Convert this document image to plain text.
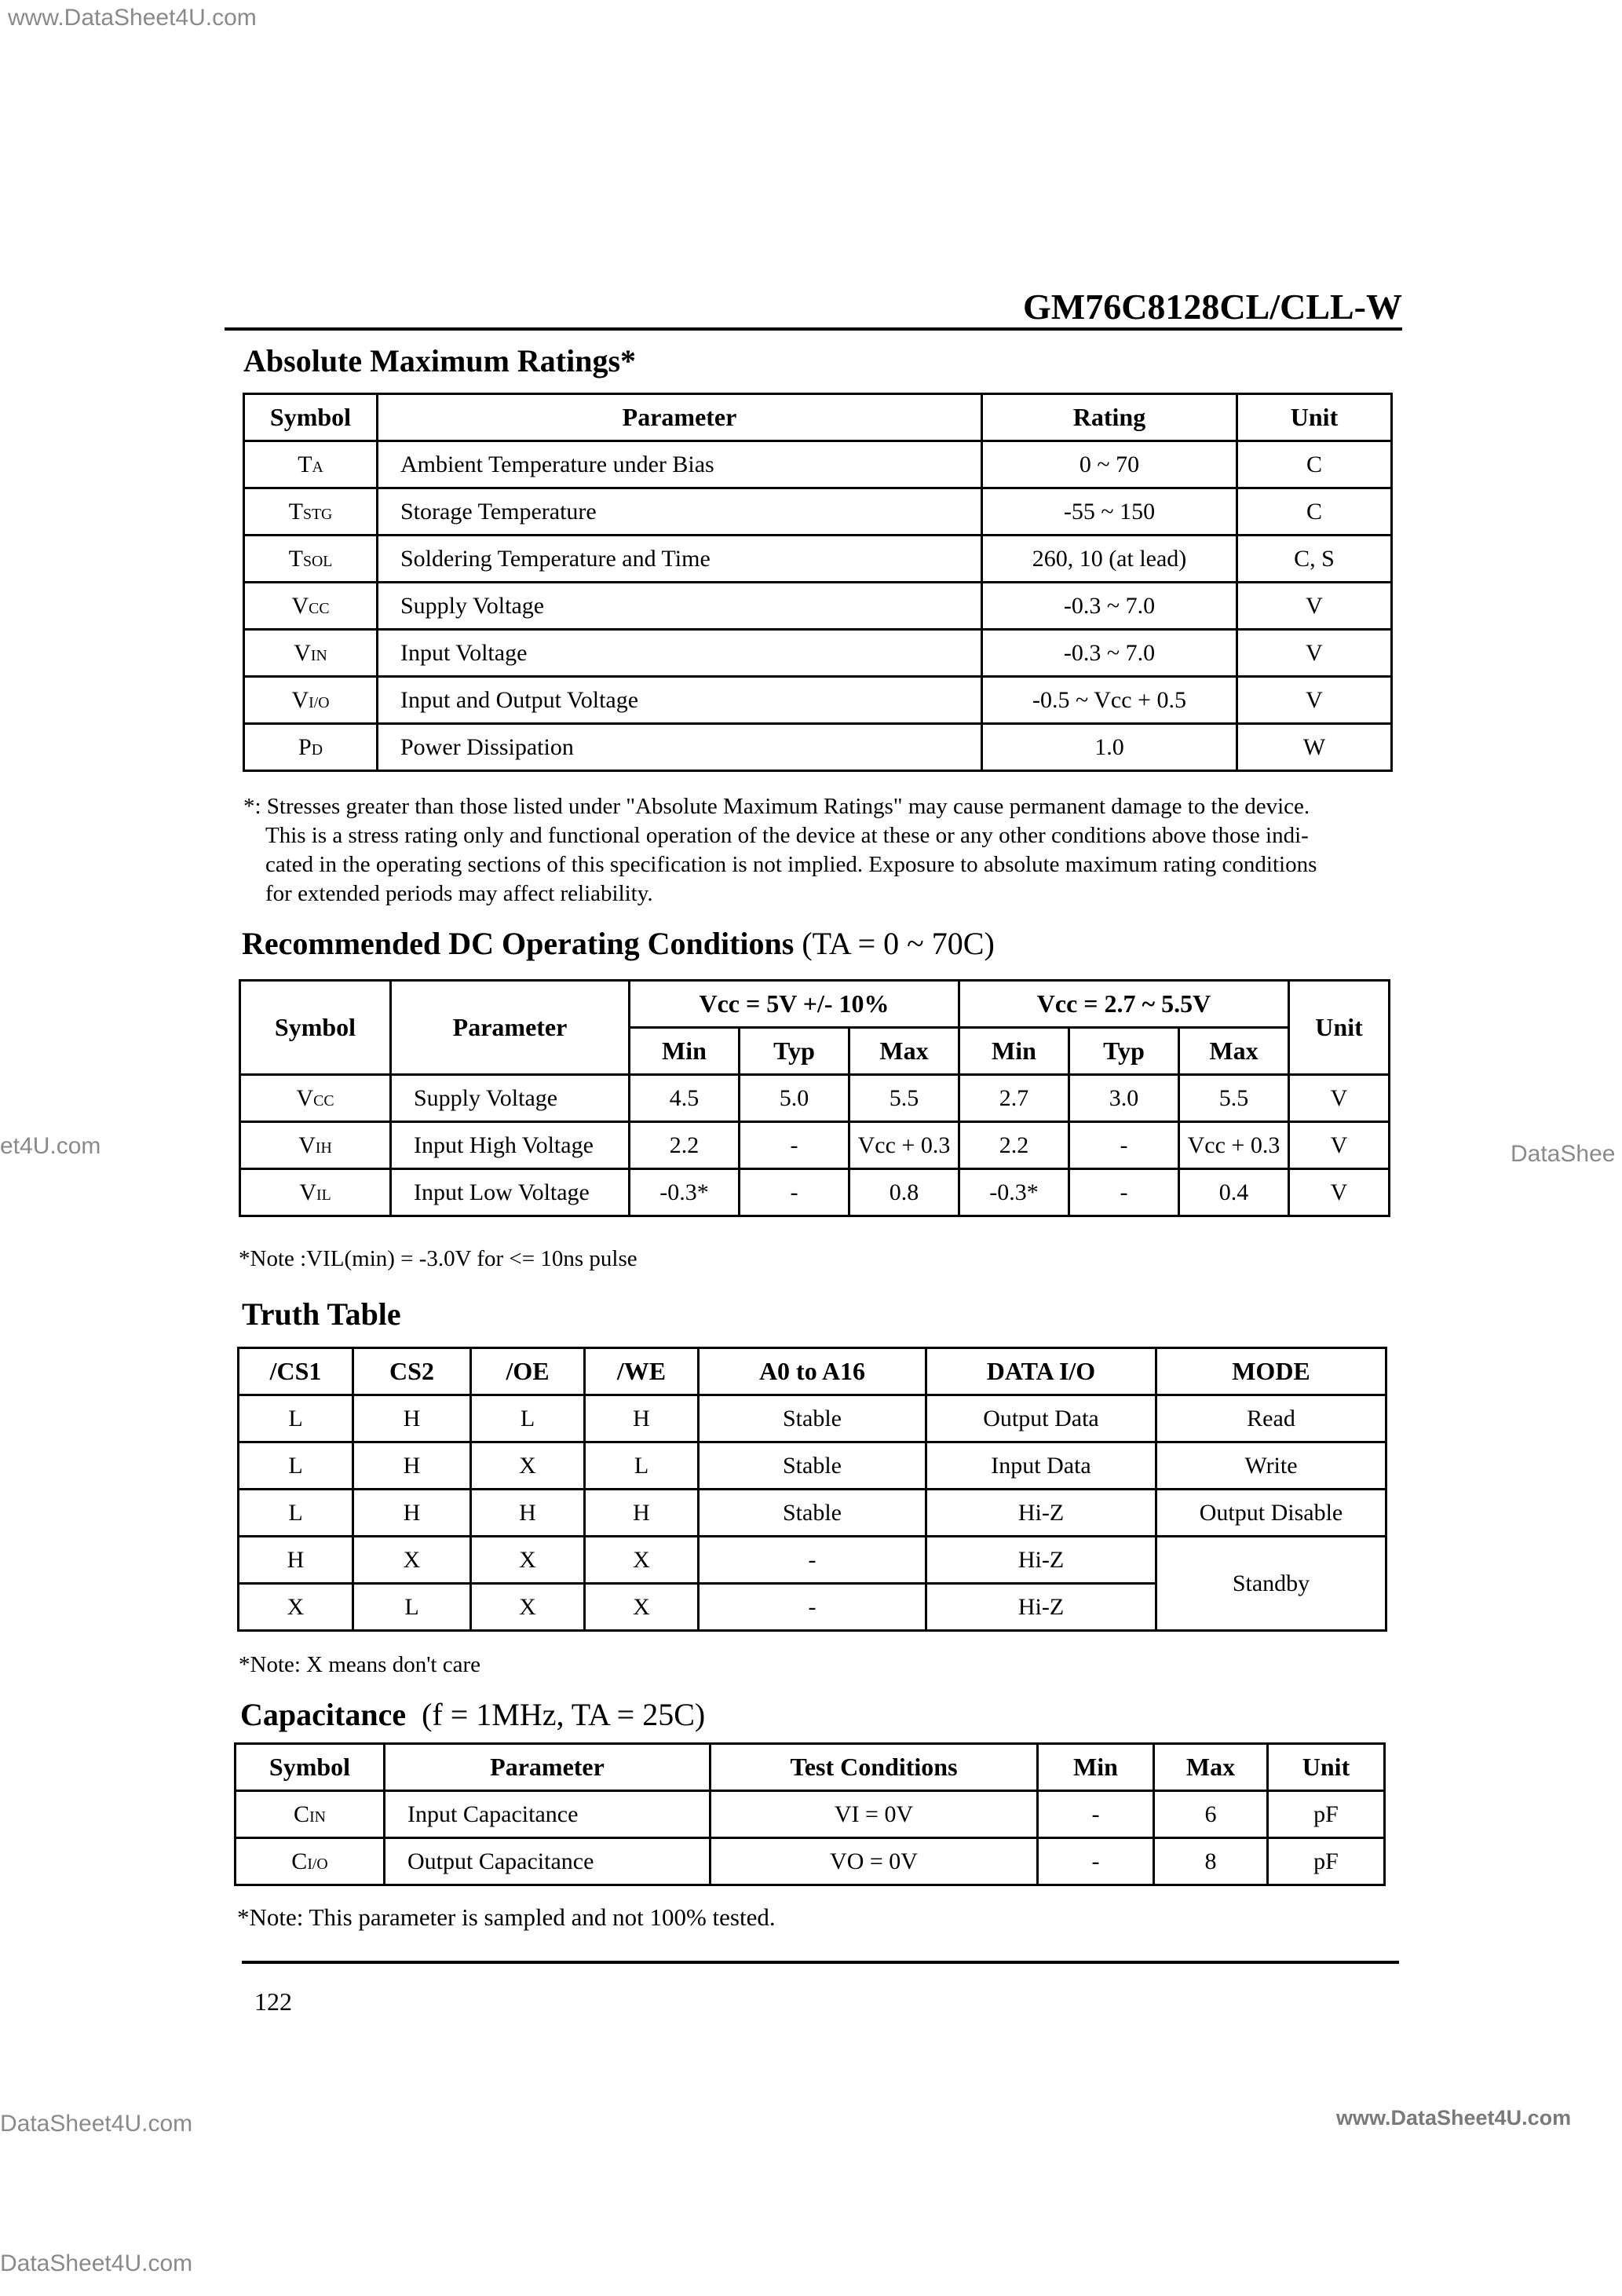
www.DataSheet4U.com
et4U.com	DataShee
DataSheet4U.com	www.DataSheet4U.com
DataSheet4U.com
GM76C8128CL/CLL-W
Absolute Maximum Ratings*
Symbol	Parameter	Rating	Unit
TA	Ambient Temperature under Bias	0 ~ 70	C
TSTG	Storage Temperature	-55 ~ 150	C
TSOL	Soldering Temperature and Time	260, 10 (at lead)	C, S
VCC	Supply Voltage	-0.3 ~ 7.0	V
VIN	Input Voltage	-0.3 ~ 7.0	V
VI/O	Input and Output Voltage	-0.5 ~ Vcc + 0.5	V
PD	Power Dissipation	1.0	W
*: Stresses greater than those listed under "Absolute Maximum Ratings" may cause permanent damage to the device.
This is a stress rating only and functional operation of the device at these or any other conditions above those indi-
cated in the operating sections of this specification is not implied. Exposure to absolute maximum rating conditions
for extended periods may affect reliability.
Recommended DC Operating Conditions (TA = 0 ~ 70C)
Symbol	Parameter	Vcc = 5V +/- 10%			Vcc = 2.7 ~ 5.5V			Unit
		Min	Typ	Max	Min	Typ	Max	
VCC	Supply Voltage	4.5	5.0	5.5	2.7	3.0	5.5	V
VIH	Input High Voltage	2.2	-	Vcc + 0.3	2.2	-	Vcc + 0.3	V
VIL	Input Low Voltage	-0.3*	-	0.8	-0.3*	-	0.4	V
*Note :VIL(min) = -3.0V for <= 10ns pulse
Truth Table
/CS1	CS2	/OE	/WE	A0 to A16	DATA I/O	MODE
L	H	L	H	Stable	Output Data	Read
L	H	X	L	Stable	Input Data	Write
L	H	H	H	Stable	Hi-Z	Output Disable
H	X	X	X	-	Hi-Z	Standby
X	L	X	X	-	Hi-Z	
*Note: X means don't care
Capacitance (f = 1MHz, TA = 25C)
Symbol	Parameter	Test Conditions	Min	Max	Unit
CIN	Input Capacitance	VI = 0V	-	6	pF
CI/O	Output Capacitance	VO = 0V	-	8	pF
*Note: This parameter is sampled and not 100% tested.
122
